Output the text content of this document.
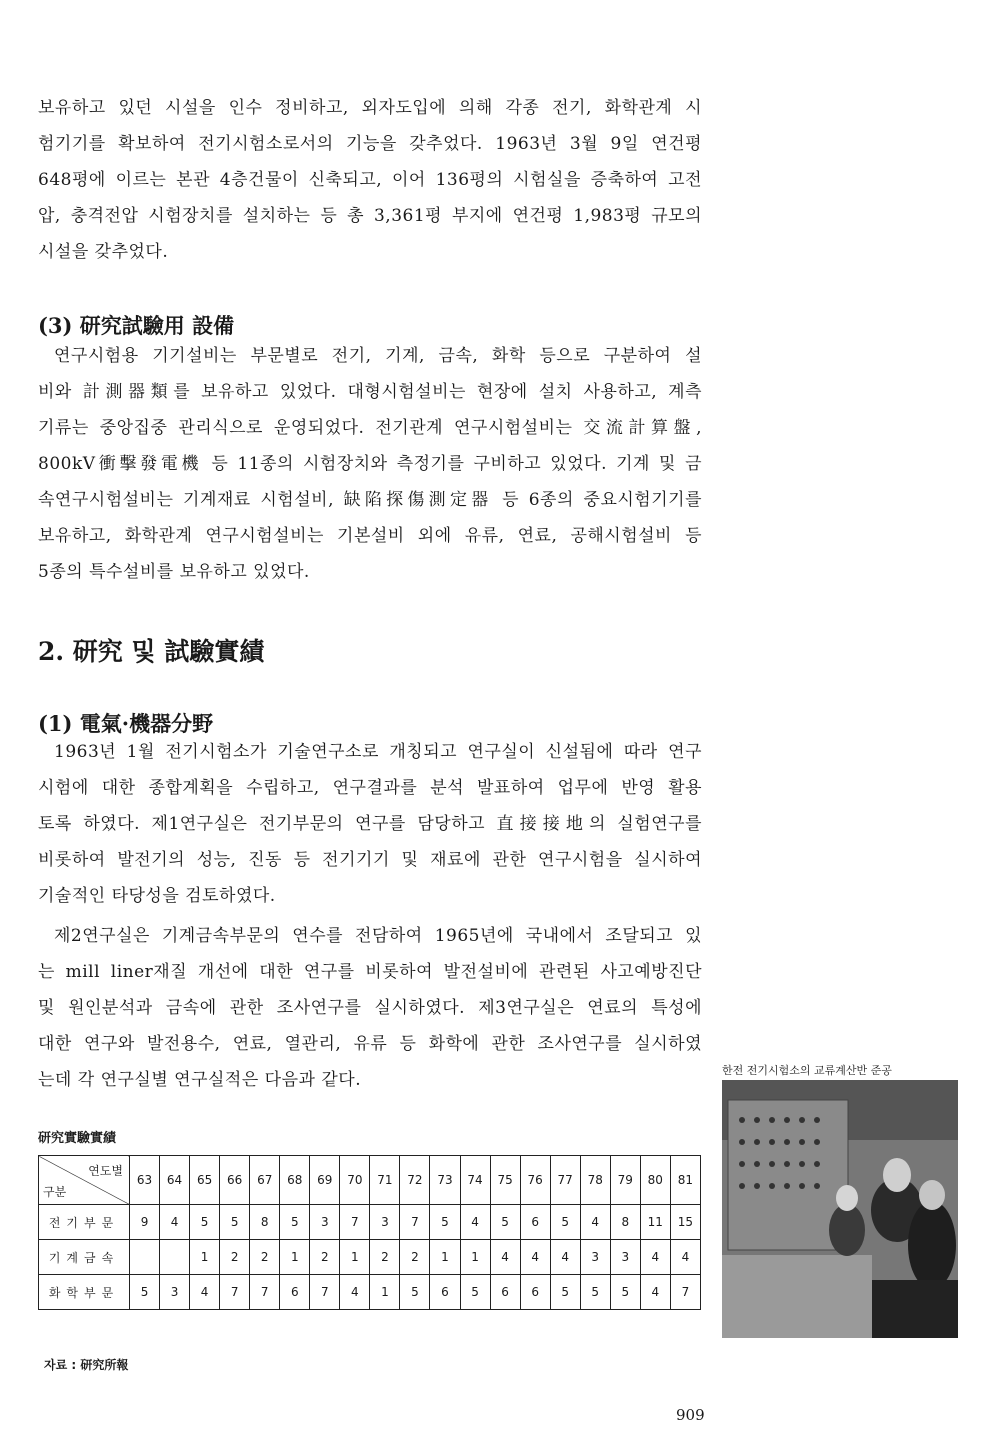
보유하고 있던 시설을 인수 정비하고, 외자도입에 의해 각종 전기, 화학관계 시

험기기를 확보하여 전기시험소로서의 기능을 갖추었다. 1963년 3월 9일 연건평

648평에 이르는 본관 4층건물이 신축되고, 이어 136평의 시험실을 증축하여 고전

압, 충격전압 시험장치를 설치하는 등 총 3,361평 부지에 연건평 1,983평 규모의

시설을 갖추었다.

(3) 研究試驗用 設備

연구시험용 기기설비는 부문별로 전기, 기계, 금속, 화학 등으로 구분하여 설

비와 計測器類를 보유하고 있었다. 대형시험설비는 현장에 설치 사용하고, 계측

기류는 중앙집중 관리식으로 운영되었다. 전기관계 연구시험설비는 交流計算盤,

800kV衝擊發電機 등 11종의 시험장치와 측정기를 구비하고 있었다. 기계 및 금

속연구시험설비는 기계재료 시험설비, 缺陷探傷測定器 등 6종의 중요시험기기를

보유하고, 화학관계 연구시험설비는 기본설비 외에 유류, 연료, 공해시험설비 등

5종의 특수설비를 보유하고 있었다.

2. 研究 및 試驗實績
(1) 電氣·機器分野

1963년 1월 전기시험소가 기술연구소로 개칭되고 연구실이 신설됨에 따라 연구

시험에 대한 종합계획을 수립하고, 연구결과를 분석 발표하여 업무에 반영 활용

토록 하였다. 제1연구실은 전기부문의 연구를 담당하고 直接接地의 실험연구를

비롯하여 발전기의 성능, 진동 등 전기기기 및 재료에 관한 연구시험을 실시하여

기술적인 타당성을 검토하였다.

제2연구실은 기계금속부문의 연수를 전담하여 1965년에 국내에서 조달되고 있

는 mill liner재질 개선에 대한 연구를 비롯하여 발전설비에 관련된 사고예방진단

및 원인분석과 금속에 관한 조사연구를 실시하였다. 제3연구실은 연료의 특성에

대한 연구와 발전용수, 연료, 열관리, 유류 등 화학에 관한 조사연구를 실시하였

는데 각 연구실별 연구실적은 다음과 같다.

研究實驗實績
연도별
구분	63	64	65	66	67	68	69	70	71	72	73	74	75	76	77	78	79	80	81
전기부문	9	4	5	5	8	5	3	7	3	7	5	4	5	6	5	4	8	11	15
기계금속			1	2	2	1	2	1	2	2	1	1	4	4	4	3	3	4	4
화학부문	5	3	4	7	7	6	7	4	1	5	6	5	6	6	5	5	5	4	7
자료 : 研究所報
한전 전기시험소의 교류계산반 준공
909
